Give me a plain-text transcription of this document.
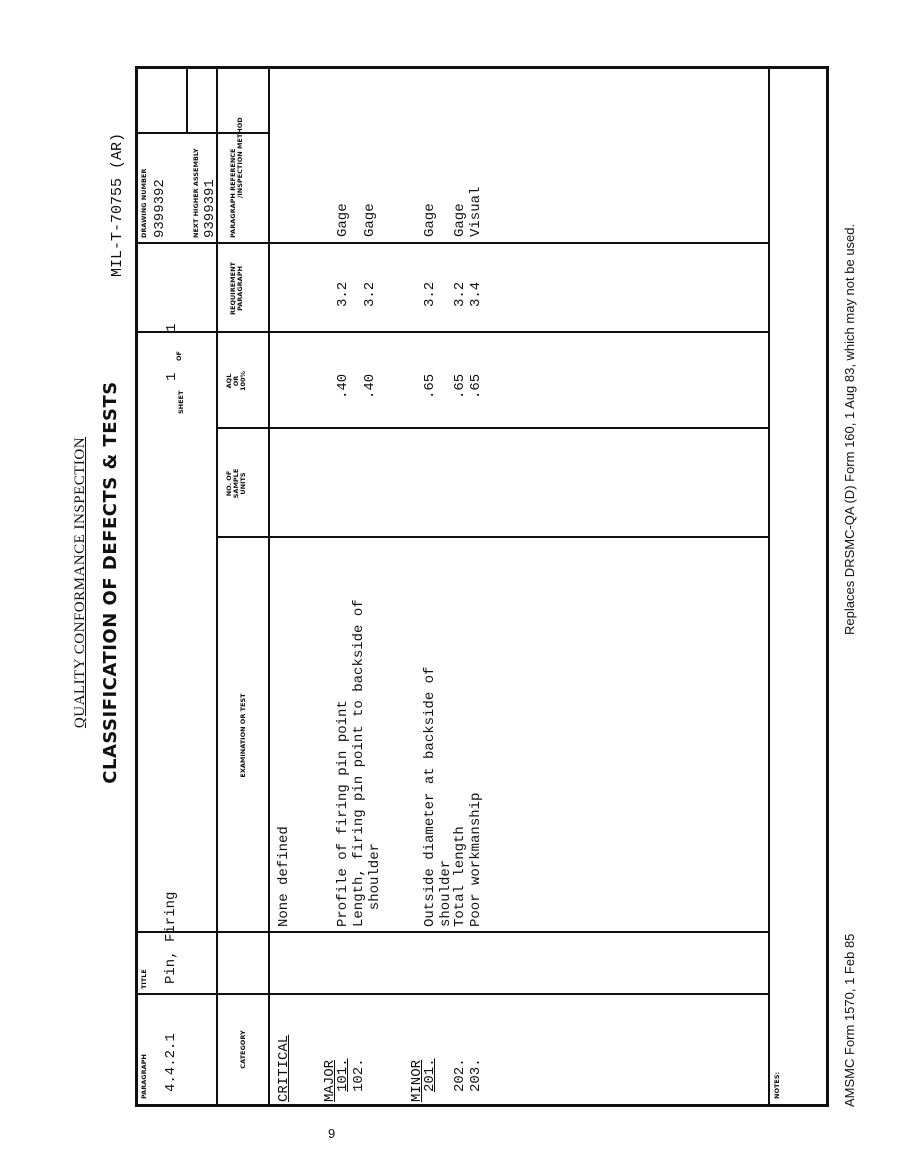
QUALITY CONFORMANCE INSPECTION CLASSIFICATION OF DEFECTS & TESTS
MIL-T-70755 (AR)
PARAGRAPH 4.4.2.1
TITLE Pin, Firing
SHEET
1
OF
1
DRAWING NUMBER 9399392	NEXT HIGHER ASSEMBLY 9399391
CATEGORY
EXAMINATION OR TEST
NO. OF SAMPLE UNITS
AQL OR 100%
REQUIREMENT PARAGRAPH
PARAGRAPH REFERENCE /INSPECTION METHOD
CRITICAL
None defined
MAJOR
101.
Profile of firing pin point
.40
3.2
Gage
102.
Length, firing pin point to backside of
shoulder
.40
3.2
Gage
MINOR
201.
Outside diameter at backside of
shoulder
.65
3.2
Gage
202.
Total length
.65
3.2
Gage
203.
Poor workmanship
.65
3.4
Visual
NOTES:	AMSMC Form 1570, 1 Feb 85
Replaces DRSMC-QA (D) Form 160, 1 Aug 83, which may not be used.
9
